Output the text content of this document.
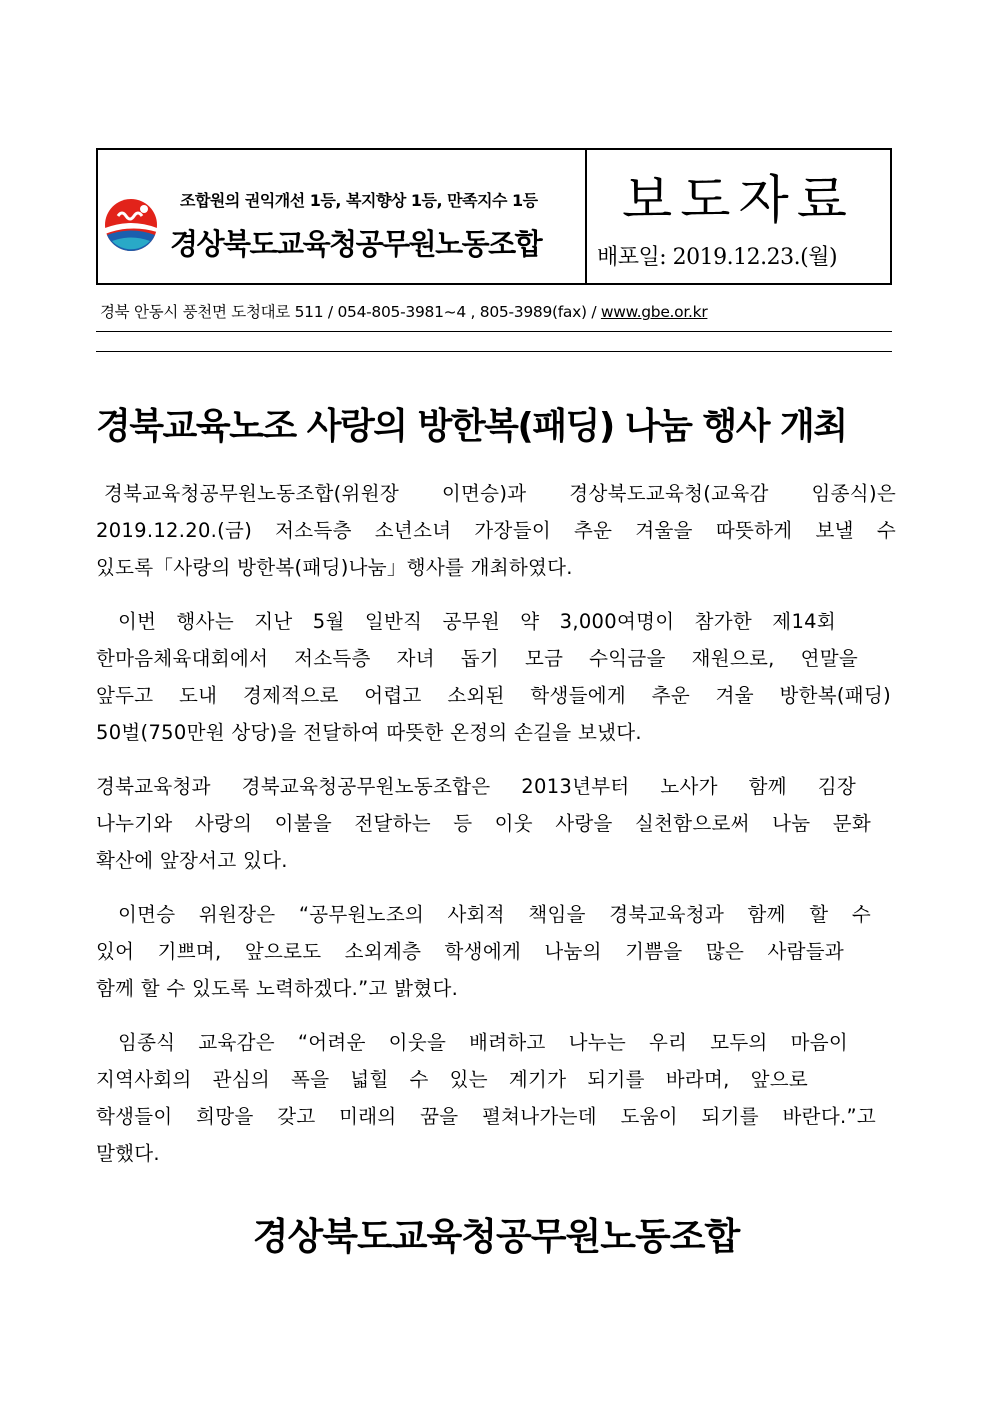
조합원의 권익개선 1등, 복지향상 1등, 만족지수 1등
경상북도교육청공무원노동조합
보도자료
배포일: 2019.12.23.(월)
경북 안동시 풍천면 도청대로 511 / 054-805-3981~4 , 805-3989(fax) / www.gbe.or.kr
경북교육노조 사랑의 방한복(패딩) 나눔 행사 개최
경북교육청공무원노동조합(위원장 이면승)과 경상북도교육청(교육감 임종식)은
2019.12.20.(금) 저소득층 소년소녀 가장들이 추운 겨울을 따뜻하게 보낼 수
있도록「사랑의 방한복(패딩)나눔」행사를 개최하였다.
이번 행사는 지난 5월 일반직 공무원 약 3,000여명이 참가한 제14회
한마음체육대회에서 저소득층 자녀 돕기 모금 수익금을 재원으로, 연말을
앞두고 도내 경제적으로 어렵고 소외된 학생들에게 추운 겨울 방한복(패딩)
50벌(750만원 상당)을 전달하여 따뜻한 온정의 손길을 보냈다.
경북교육청과 경북교육청공무원노동조합은 2013년부터 노사가 함께 김장
나누기와 사랑의 이불을 전달하는 등 이웃 사랑을 실천함으로써 나눔 문화
확산에 앞장서고 있다.
이면승 위원장은 “공무원노조의 사회적 책임을 경북교육청과 함께 할 수
있어 기쁘며, 앞으로도 소외계층 학생에게 나눔의 기쁨을 많은 사람들과
함께 할 수 있도록 노력하겠다.”고 밝혔다.
임종식 교육감은 “어려운 이웃을 배려하고 나누는 우리 모두의 마음이
지역사회의 관심의 폭을 넓힐 수 있는 계기가 되기를 바라며, 앞으로
학생들이 희망을 갖고 미래의 꿈을 펼쳐나가는데 도움이 되기를 바란다.”고
말했다.
경상북도교육청공무원노동조합
